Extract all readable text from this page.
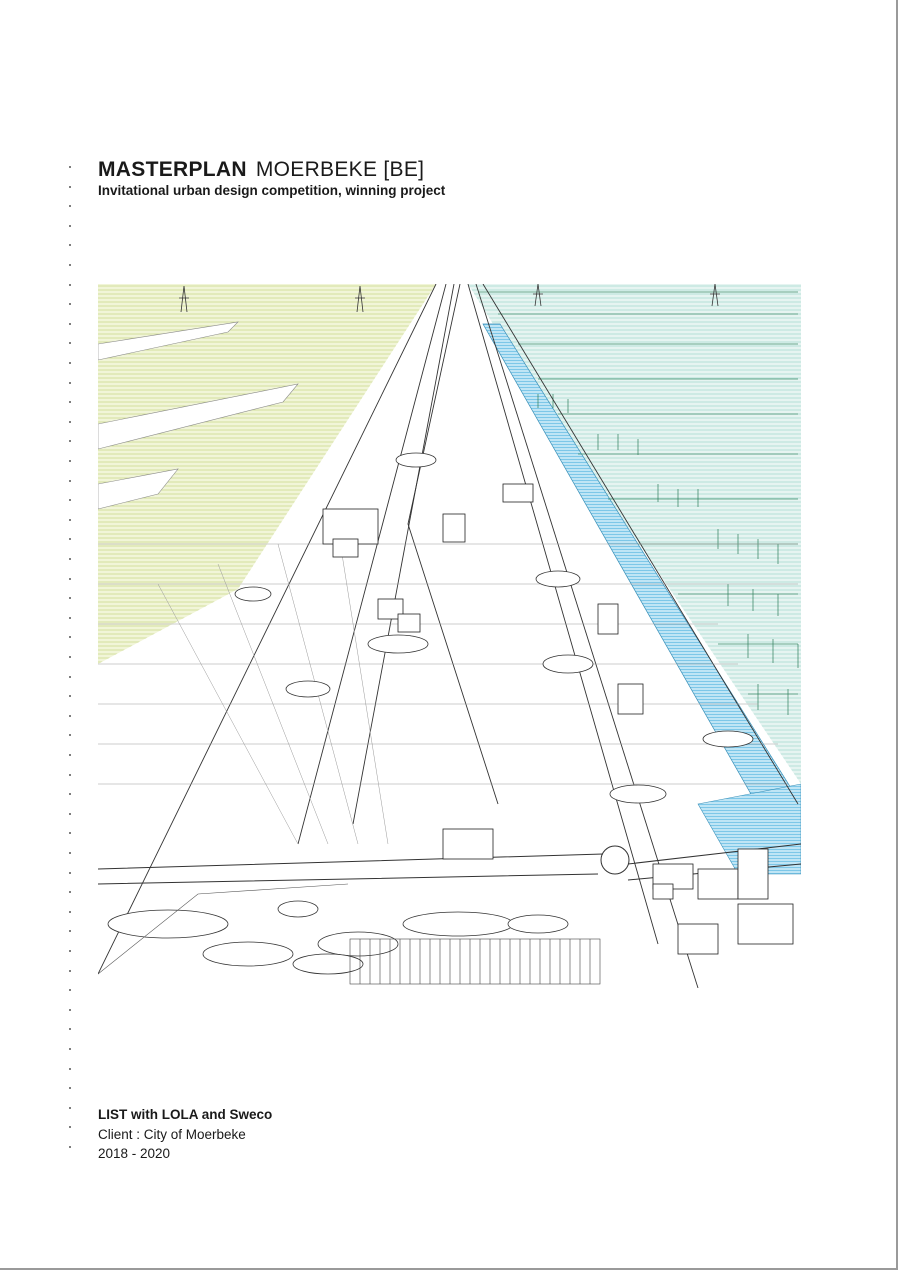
MASTERPLAN MOERBEKE [BE]

Invitational urban design competition, winning project

LIST with LOLA and Sweco
Client : City of Moerbeke
2018 - 2020
